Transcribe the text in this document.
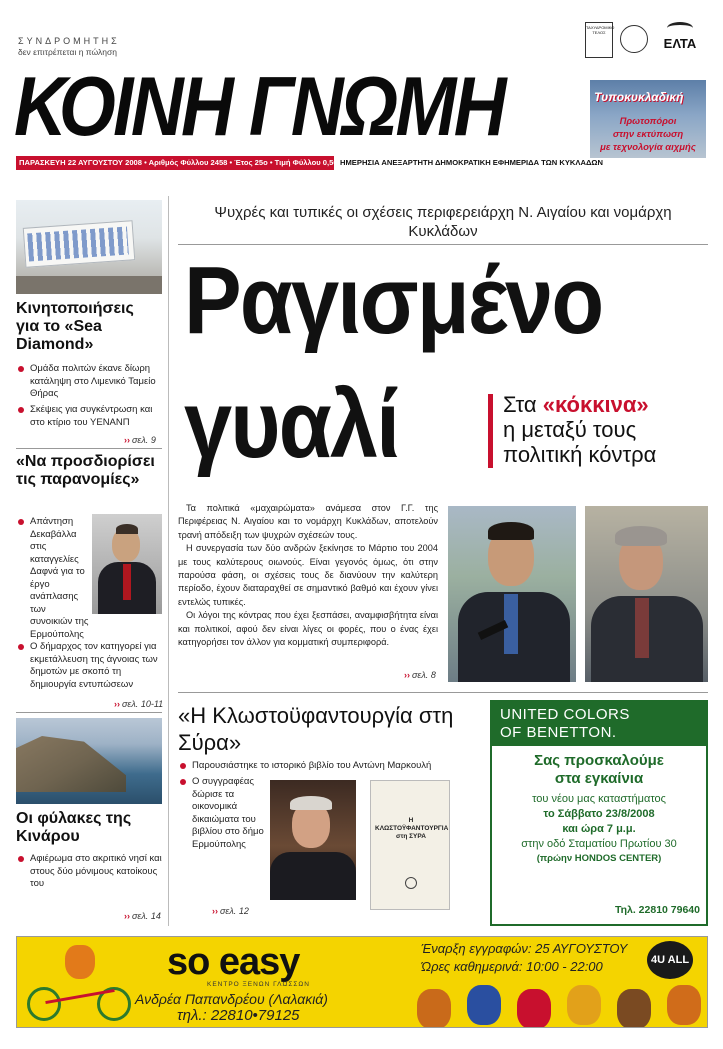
ΣΥΝΔΡΟΜΗΤΗΣ
δεν επιτρέπεται η πώληση
ΚΟΙΝΗ ΓΝΩΜΗ
ΤΑΧΥΔΡΟΜΙΚΟ ΤΕΛΟΣ
ΕΛΤΑ
Τυποκυκλαδική
Πρωτοπόροι
στην εκτύπωση
με τεχνολογία αιχμής
ΠΑΡΑΣΚΕΥΗ 22 ΑΥΓΟΥΣΤΟΥ 2008 • Αριθμός Φύλλου 2458 • Έτος 25ο • Τιμή Φύλλου 0,50€
ΗΜΕΡΗΣΙΑ ΑΝΕΞΑΡΤΗΤΗ ΔΗΜΟΚΡΑΤΙΚΗ ΕΦΗΜΕΡΙΔΑ ΤΩΝ ΚΥΚΛΑΔΩΝ
Κινητοποιήσεις για το «Sea Diamond»
Ομάδα πολιτών έκανε δίωρη κατάληψη στο Λιμενικό Ταμείο Θήρας
Σκέψεις για συγκέντρωση και στο κτίριο του ΥΕΝΑΝΠ
›› σελ. 9
«Να προσδιορίσει τις παρανομίες»
Απάντηση Δεκαβάλλα στις καταγγελίες Δαφνά για το έργο ανάπλασης των συνοικιών της Ερμούπολης
Ο δήμαρχος τον κατηγορεί για εκμετάλλευση της άγνοιας των δημοτών με σκοπό τη δημιουργία εντυπώσεων
›› σελ. 10-11
Οι φύλακες της Κινάρου
Αφιέρωμα στο ακριτικό νησί και στους δύο μόνιμους κατοίκους του
›› σελ. 14
Ψυχρές και τυπικές οι σχέσεις περιφερειάρχη Ν. Αιγαίου και νομάρχη Κυκλάδων
Ραγισμένο
γυαλί	Στα «κόκκινα»
η μεταξύ τους
πολιτική κόντρα

Τα πολιτικά «μαχαιρώματα» ανάμεσα στον Γ.Γ. της Περιφέρειας Ν. Αιγαίου και το νομάρχη Κυκλάδων, αποτελούν τρανή απόδειξη των ψυχρών σχέσεών τους.

Η συνεργασία των δύο ανδρών ξεκίνησε το Μάρτιο του 2004 με τους καλύτερους οιωνούς. Είναι γεγονός όμως, ότι στην παρούσα φάση, οι σχέσεις τους δε διανύουν την καλύτερη περίοδο, έχουν διαταραχθεί σε σημαντικό βαθμό και έχουν γίνει εντελώς τυπικές.

Οι λόγοι της κόντρας που έχει ξεσπάσει, αναμφισβήτητα είναι και πολιτικοί, αφού δεν είναι λίγες οι φορές, που ο ένας έχει κατηγορήσει τον άλλον για κομματική συμπεριφορά.

›› σελ. 8
«Η Κλωστοϋφαντουργία στη Σύρα»
Παρουσιάστηκε το ιστορικό βιβλίο του Αντώνη Μαρκουλή
Ο συγγραφέας δώρισε τα οικονομικά δικαιώματα του βιβλίου στο δήμο Ερμούπολης
Η ΚΛΩΣΤΟΫΦΑΝΤΟΥΡΓΙΑ στη ΣΥΡΑ
›› σελ. 12
UNITED COLORS
OF BENETTON.
Σας προσκαλούμε
στα εγκαίνια
του νέου μας καταστήματος
το Σάββατο 23/8/2008
και ώρα 7 μ.μ.
στην οδό Σταματίου Πρωτίου 30
(πρώην HONDOS CENTER)
Τηλ. 22810 79640
so easy
ΚΕΝΤΡΟ ΞΕΝΩΝ ΓΛΩΣΣΩΝ
Ανδρέα Παπανδρέου (Λαλακιά)
τηλ.: 22810•79125
Έναρξη εγγραφών: 25 ΑΥΓΟΥΣΤΟΥ
Ώρες καθημερινά: 10:00 - 22:00	4U ALL
